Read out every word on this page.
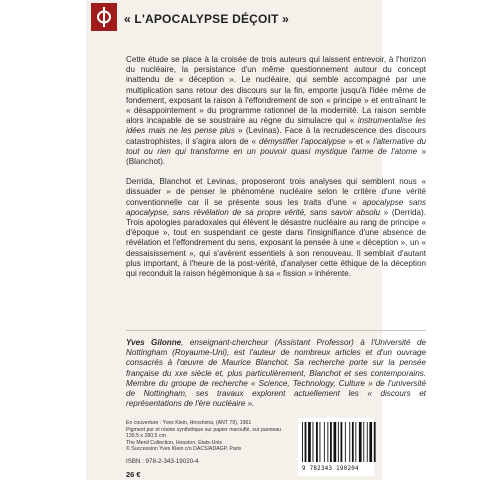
« L'APOCALYPSE DÉÇOIT »

Cette étude se place à la croisée de trois auteurs qui laissent entrevoir, à l'horizon du nucléaire, la persistance d'un même questionnement autour du concept inattendu de « déception ». Le nucléaire, qui semble accompagné par une multiplication sans retour des discours sur la fin, emporte jusqu'à l'idée même de fondement, exposant la raison à l'effondrement de son « principe » et entraînant le « désappointement » du programme rationnel de la modernité. La raison semble alors incapable de se soustraire au règne du simulacre qui « instrumentalise les idées mais ne les pense plus » (Levinas). Face à la recrudescence des discours catastrophistes, il s'agira alors de « démystifier l'apocalypse » et « l'alternative du tout ou rien qui transforme en un pouvoir quasi mystique l'arme de l'atome » (Blanchot).

Derrida, Blanchot et Levinas, proposeront trois analyses qui semblent nous « dissuader » de penser le phénomène nucléaire selon le critère d'une vérité conventionnelle car il se présente sous les traits d'une « apocalypse sans apocalypse, sans révélation de sa propre vérité, sans savoir absolu » (Derrida). Trois apologies paradoxales qui élèvent le désastre nucléaire au rang de principe « d'époque », tout en suspendant ce geste dans l'insignifiance d'une absence de révélation et l'effondrement du sens, exposant la pensée à une « déception », un « dessaisissement », qui s'avèrent essentiels à son renouveau. Il semblait d'autant plus important, à l'heure de la post-vérité, d'analyser cette éthique de la déception qui reconduit la raison hégémonique à sa « fission » inhérente.

Yves Gilonne, enseignant-chercheur (Assistant Professor) à l'Université de Nottingham (Royaume-Uni), est l'auteur de nombreux articles et d'un ouvrage consacrés à l'œuvre de Maurice Blanchot. Sa recherche porte sur la pensée française du xxe siècle et, plus particulièrement, Blanchot et ses contemporains. Membre du groupe de recherche « Science, Technology, Culture » de l'université de Nottingham, ses travaux explorent actuellement les « discours et représentations de l'ère nucléaire ».
En couverture : Yves Klein, Hiroshima, (ANT 79), 1961
Pigment pur et résine synthétique sur papier marouflé, sur panneau
139,5 x 280,5 cm
The Menil Collection, Houston, États-Unis
© Succession Yves Klein c/o DACS/ADAGP, Paris
ISBN : 978-2-343-19020-4
26 €
9 782343 190204
